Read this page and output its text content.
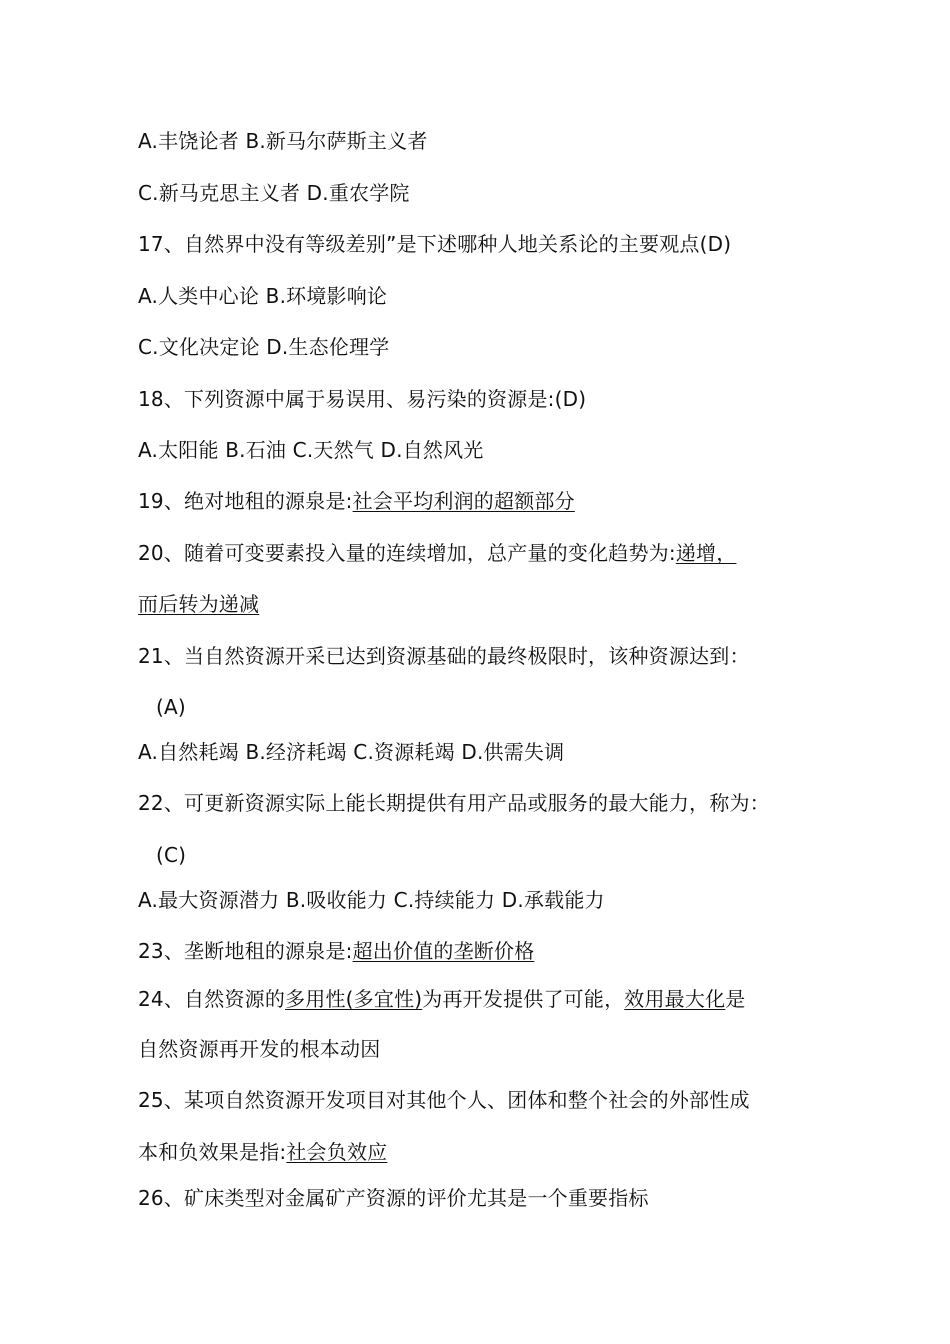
A.丰饶论者 B.新马尔萨斯主义者
C.新马克思主义者 D.重农学院
17、自然界中没有等级差别”是下述哪种人地关系论的主要观点(D)
A.人类中心论 B.环境影响论
C.文化决定论 D.生态伦理学
18、下列资源中属于易误用、易污染的资源是:(D)
A.太阳能 B.石油 C.天然气 D.自然风光
19、绝对地租的源泉是:社会平均利润的超额部分
20、随着可变要素投入量的连续增加，总产量的变化趋势为:递增，
而后转为递减
21、当自然资源开采已达到资源基础的最终极限时，该种资源达到：
(A)
A.自然耗竭 B.经济耗竭 C.资源耗竭 D.供需失调
22、可更新资源实际上能长期提供有用产品或服务的最大能力，称为：
(C)
A.最大资源潜力 B.吸收能力 C.持续能力 D.承载能力
23、垄断地租的源泉是:超出价值的垄断价格
24、自然资源的多用性(多宜性)为再开发提供了可能，效用最大化是
自然资源再开发的根本动因
25、某项自然资源开发项目对其他个人、团体和整个社会的外部性成
本和负效果是指:社会负效应
26、矿床类型对金属矿产资源的评价尤其是一个重要指标
